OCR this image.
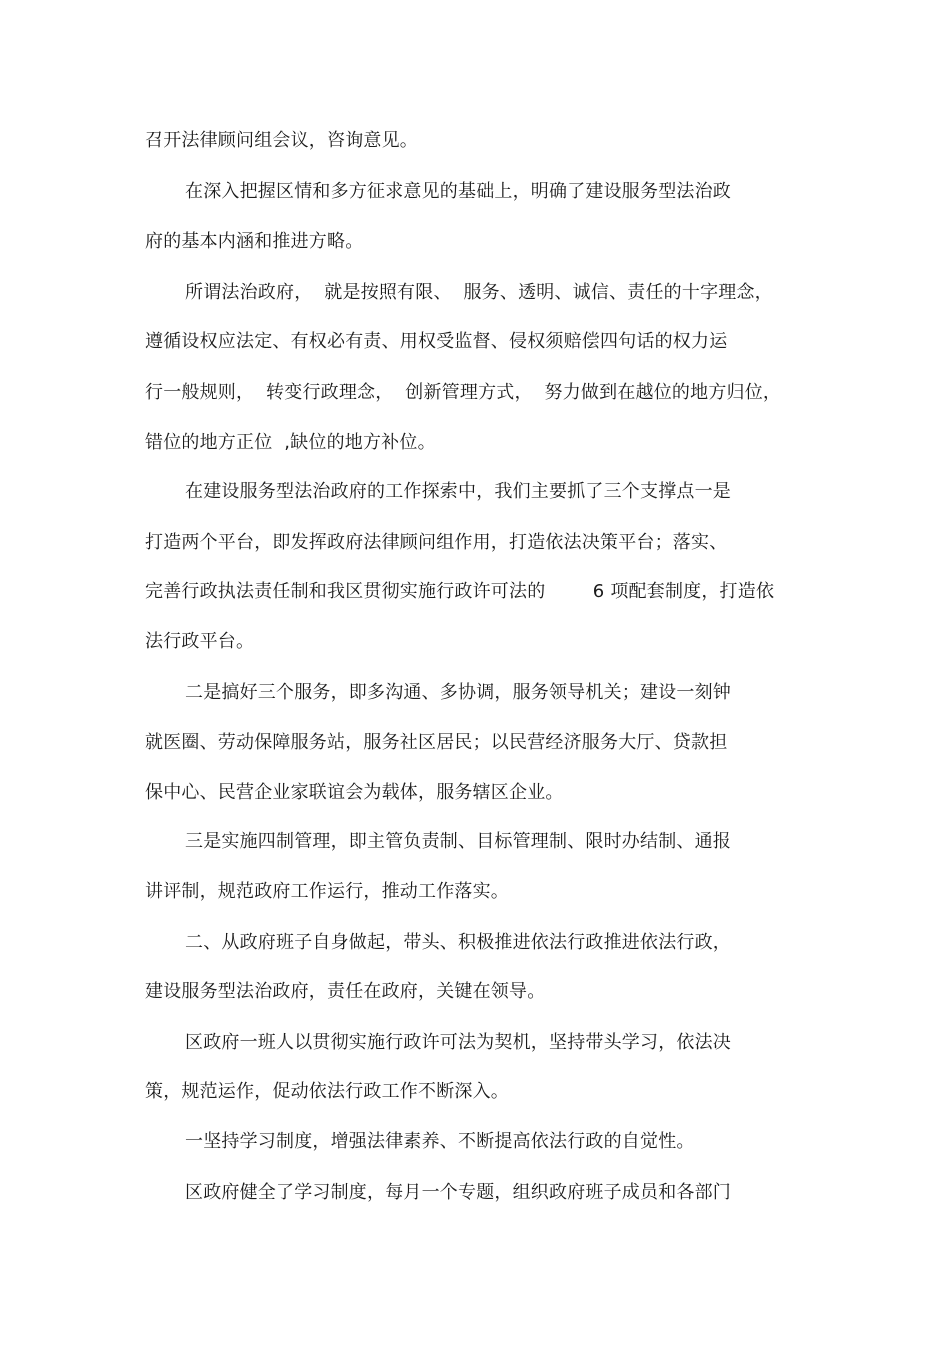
召开法律顾问组会议，咨询意见。
在深入把握区情和多方征求意见的基础上，明确了建设服务型法治政
府的基本内涵和推进方略。
所谓法治政府，  就是按照有限、  服务、透明、诚信、责任的十字理念，
遵循设权应法定、有权必有责、用权受监督、侵权须赔偿四句话的权力运
行一般规则，  转变行政理念，  创新管理方式，  努力做到在越位的地方归位，
错位的地方正位  ,缺位的地方补位。
在建设服务型法治政府的工作探索中，我们主要抓了三个支撑点一是
打造两个平台，即发挥政府法律顾问组作用，打造依法决策平台；落实、
完善行政执法责任制和我区贯彻实施行政许可法的        6 项配套制度，打造依
法行政平台。
二是搞好三个服务，即多沟通、多协调，服务领导机关；建设一刻钟
就医圈、劳动保障服务站，服务社区居民；以民营经济服务大厅、贷款担
保中心、民营企业家联谊会为载体，服务辖区企业。
三是实施四制管理，即主管负责制、目标管理制、限时办结制、通报
讲评制，规范政府工作运行，推动工作落实。
二、从政府班子自身做起，带头、积极推进依法行政推进依法行政，
建设服务型法治政府，责任在政府，关键在领导。
区政府一班人以贯彻实施行政许可法为契机，坚持带头学习，依法决
策，规范运作，促动依法行政工作不断深入。
一坚持学习制度，增强法律素养、不断提高依法行政的自觉性。
区政府健全了学习制度，每月一个专题，组织政府班子成员和各部门
